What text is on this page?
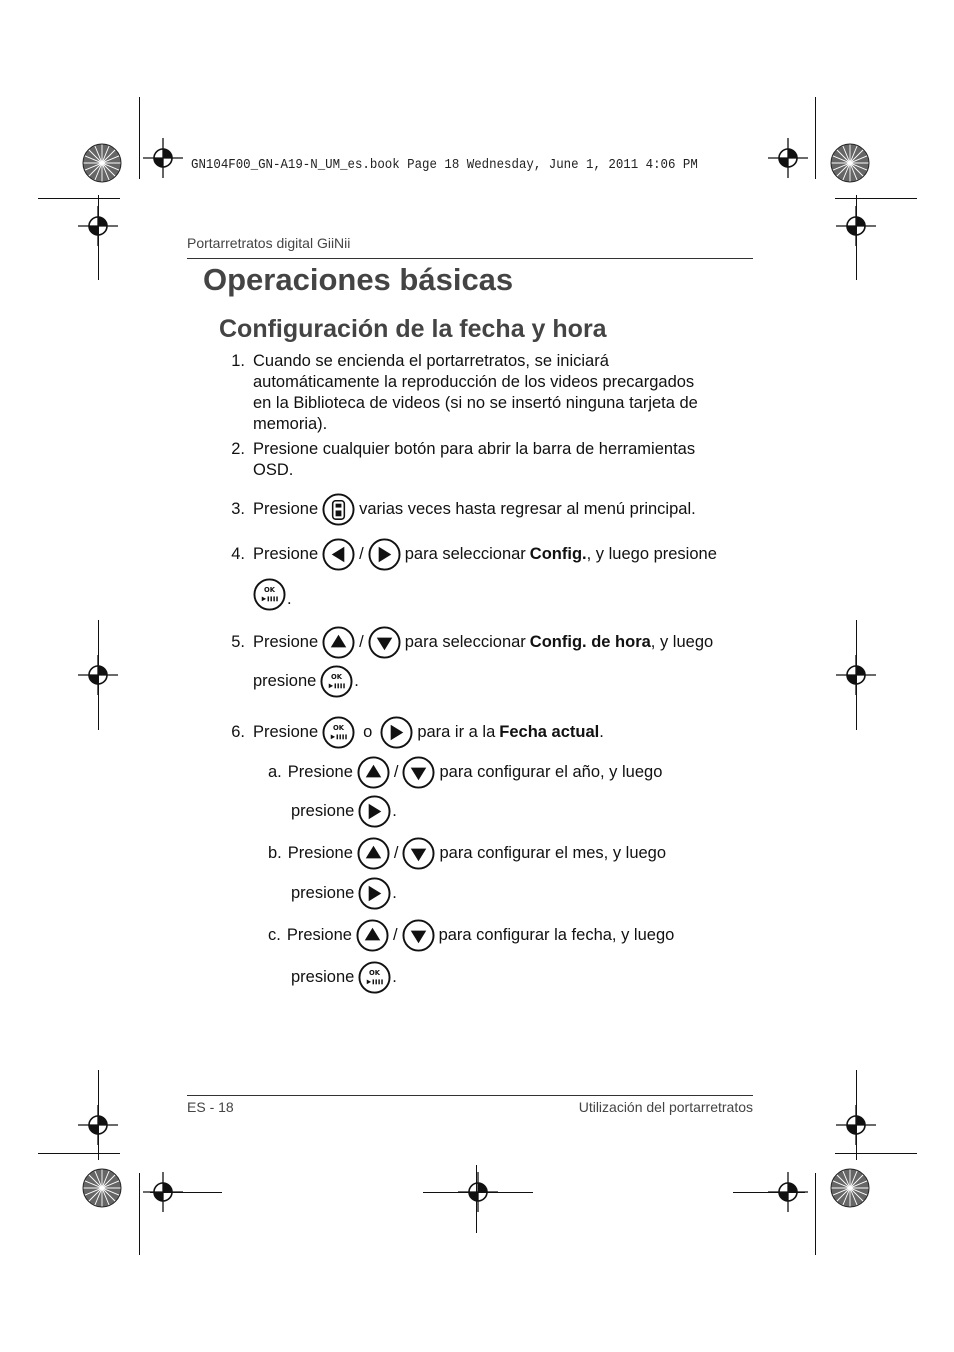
GN104F00_GN-A19-N_UM_es.book Page 18 Wednesday, June 1, 2011 4:06 PM
Portarretratos digital GiiNii
Operaciones básicas
Configuración de la fecha y hora
1. Cuando se encienda el portarretratos, se iniciará
automáticamente la reproducción de los videos precargados
en la Biblioteca de videos (si no se insertó ninguna tarjeta de
memoria).
2. Presione cualquier botón para abrir la barra de herramientas
OSD.
3. Presione varias veces hasta regresar al menú principal.
4. Presione / para seleccionar Config. , y luego presione
OK .
5. Presione / para seleccionar Config. de hora , y luego
presione OK .
6. Presione OK o	para ir a la Fecha actual .
a. Presione / para configurar el año, y luego
presione .
b. Presione / para configurar el mes, y luego
presione .
c. Presione / para configurar la fecha, y luego
presione OK .
ES - 18	Utilización del portarretratos
